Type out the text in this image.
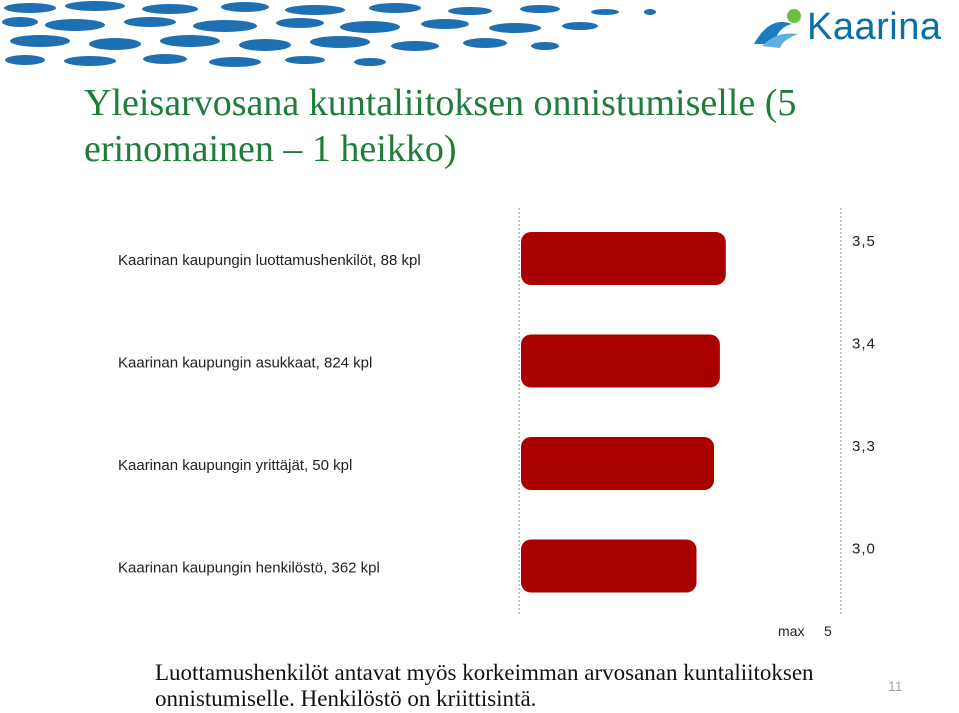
Kaarina
Yleisarvosana kuntaliitoksen onnistumiselle (5 erinomainen – 1 heikko)
Kaarinan kaupungin luottamushenkilöt, 88 kpl
3,5
Kaarinan kaupungin asukkaat, 824 kpl
3,4
Kaarinan kaupungin yrittäjät, 50 kpl
3,3
Kaarinan kaupungin henkilöstö, 362 kpl
3,0
max 5
Luottamushenkilöt antavat myös korkeimman arvosanan kuntaliitoksen onnistumiselle. Henkilöstö on kriittisintä.	11
